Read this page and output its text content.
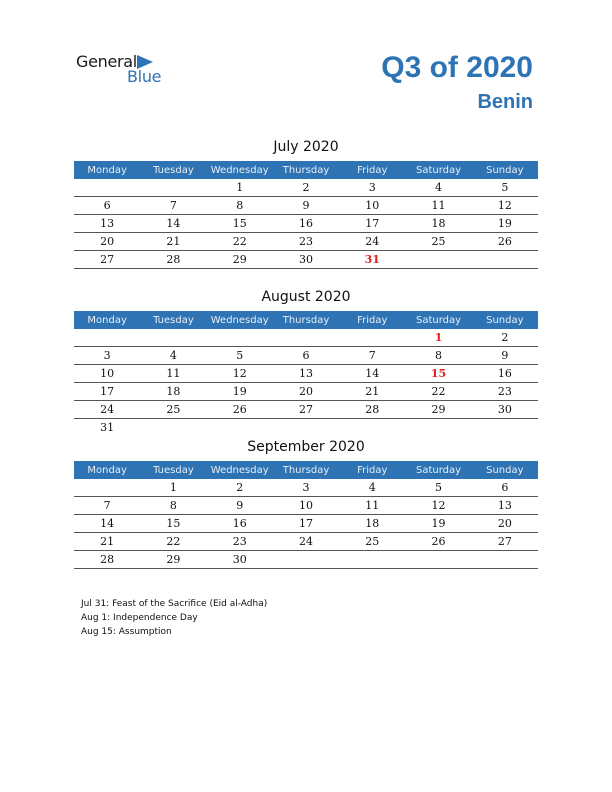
General
Blue	Q3 of 2020
Benin
July 2020
Monday	Tuesday	Wednesday	Thursday	Friday	Saturday	Sunday
		1	2	3	4	5
6	7	8	9	10	11	12
13	14	15	16	17	18	19
20	21	22	23	24	25	26
27	28	29	30	31		
August 2020
Monday	Tuesday	Wednesday	Thursday	Friday	Saturday	Sunday
					1	2
3	4	5	6	7	8	9
10	11	12	13	14	15	16
17	18	19	20	21	22	23
24	25	26	27	28	29	30
31						
September 2020
Monday	Tuesday	Wednesday	Thursday	Friday	Saturday	Sunday
	1	2	3	4	5	6
7	8	9	10	11	12	13
14	15	16	17	18	19	20
21	22	23	24	25	26	27
28	29	30				
Jul 31: Feast of the Sacrifice (Eid al-Adha)
Aug 1: Independence Day
Aug 15: Assumption
